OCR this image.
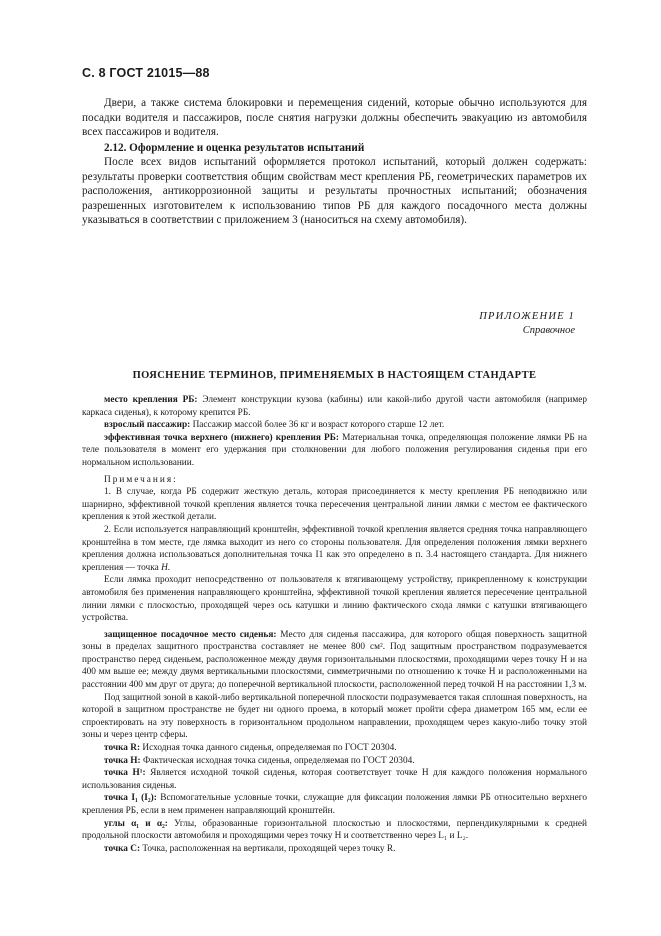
С. 8 ГОСТ 21015—88

Двери, а также система блокировки и перемещения сидений, которые обычно используются для посадки водителя и пассажиров, после снятия нагрузки должны обеспечить эвакуацию из автомобиля всех пассажиров и водителя.

2.12. Оформление и оценка результатов испытаний

После всех видов испытаний оформляется протокол испытаний, который должен содержать: результаты проверки соответствия общим свойствам мест крепления РБ, геометрических параметров их расположения, антикоррозионной защиты и результаты прочностных испытаний; обозначения разрешенных изготовителем к использованию типов РБ для каждого посадочного места должны указываться в соответствии с приложением 3 (наноситься на схему автомобиля).

ПРИЛОЖЕНИЕ 1
Справочное
ПОЯСНЕНИЕ ТЕРМИНОВ, ПРИМЕНЯЕМЫХ В НАСТОЯЩЕМ СТАНДАРТЕ

место крепления РБ: Элемент конструкции кузова (кабины) или какой-либо другой части автомобиля (например каркаса сиденья), к которому крепится РБ.

взрослый пассажир: Пассажир массой более 36 кг и возраст которого старше 12 лет.

эффективная точка верхнего (нижнего) крепления РБ: Материальная точка, определяющая положение лямки РБ на теле пользователя в момент его удержания при столкновении для любого положения регулирования сиденья при его нормальном использовании.

Примечания:

1. В случае, когда РБ содержит жесткую деталь, которая присоединяется к месту крепления РБ неподвижно или шарнирно, эффективной точкой крепления является точка пересечения центральной линии лямки с местом ее фактического крепления к этой жесткой детали.

2. Если используется направляющий кронштейн, эффективной точкой крепления является средняя точка направляющего кронштейна в том месте, где лямка выходит из него со стороны пользователя. Для определения положения лямки верхнего крепления должна использоваться дополнительная точка I1 как это определено в п. 3.4 настоящего стандарта. Для нижнего крепления — точка H.

Если лямка проходит непосредственно от пользователя к втягивающему устройству, прикрепленному к конструкции автомобиля без применения направляющего кронштейна, эффективной точкой крепления является пересечение центральной линии лямки с плоскостью, проходящей через ось катушки и линию фактического схода лямки с катушки втягивающего устройства.

защищенное посадочное место сиденья: Место для сиденья пассажира, для которого общая поверхность защитной зоны в пределах защитного пространства составляет не менее 800 см². Под защитным пространством подразумевается пространство перед сиденьем, расположенное между двумя горизонтальными плоскостями, проходящими через точку H и на 400 мм выше ее; между двумя вертикальными плоскостями, симметричными по отношению к точке H и расположенными на расстоянии 400 мм друг от друга; до поперечной вертикальной плоскости, расположенной перед точкой H на расстоянии 1,3 м.

Под защитной зоной в какой-либо вертикальной поперечной плоскости подразумевается такая сплошная поверхность, на которой в защитном пространстве не будет ни одного проема, в который может пройти сфера диаметром 165 мм, если ее спроектировать на эту поверхность в горизонтальном продольном направлении, проходящем через какую-либо точку этой зоны и через центр сферы.

точка R: Исходная точка данного сиденья, определяемая по ГОСТ 20304.

точка H: Фактическая исходная точка сиденья, определяемая по ГОСТ 20304.

точка H¹: Является исходной точкой сиденья, которая соответствует точке H для каждого положения нормального использования сиденья.

точка I₁ (I₂): Вспомогательные условные точки, служащие для фиксации положения лямки РБ относительно верхнего крепления РБ, если в нем применен направляющий кронштейн.

углы α₁ и α₂: Углы, образованные горизонтальной плоскостью и плоскостями, перпендикулярными к средней продольной плоскости автомобиля и проходящими через точку H и соответственно через L₁ и L₂.

точка C: Точка, расположенная на вертикали, проходящей через точку R.
